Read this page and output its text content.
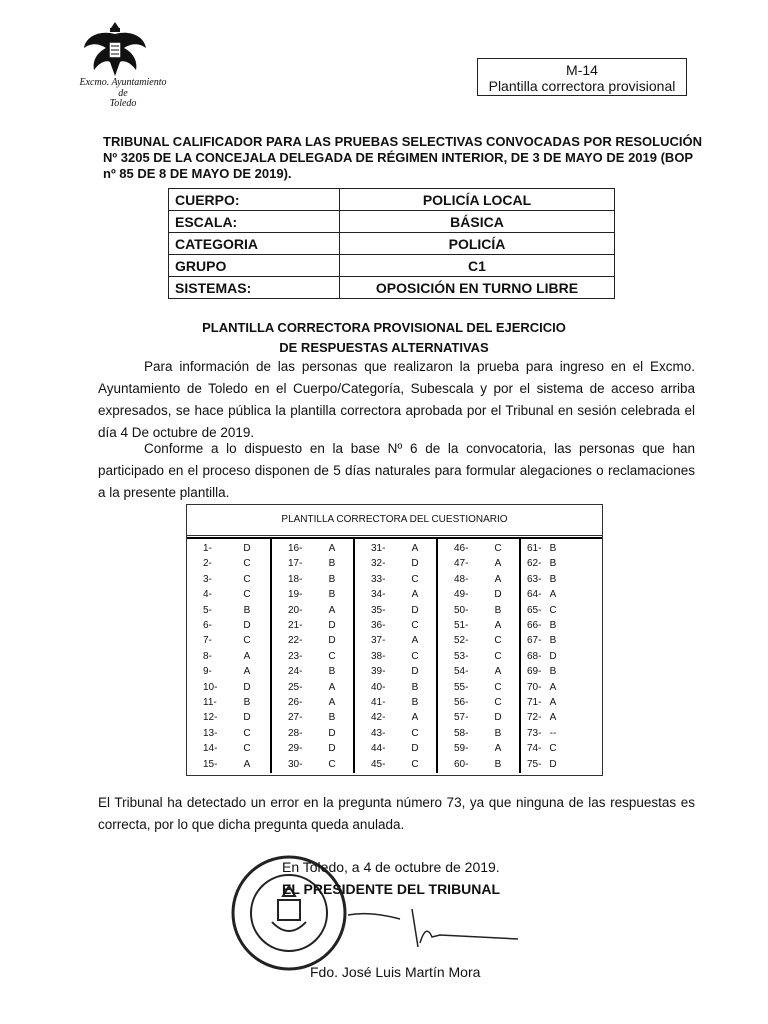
Excmo. Ayuntamiento
de
Toledo
M-14
Plantilla correctora provisional
TRIBUNAL CALIFICADOR PARA LAS PRUEBAS SELECTIVAS CONVOCADAS POR RESOLUCIÓN Nº 3205 DE LA CONCEJALA DELEGADA DE RÉGIMEN INTERIOR, DE 3 DE MAYO DE 2019 (BOP nº 85 DE 8 DE MAYO DE 2019).
CUERPO:	POLICÍA LOCAL
ESCALA:	BÁSICA
CATEGORIA	POLICÍA
GRUPO	C1
SISTEMAS:	OPOSICIÓN EN TURNO LIBRE
PLANTILLA CORRECTORA PROVISIONAL DEL EJERCICIO
DE RESPUESTAS ALTERNATIVAS
Para información de las personas que realizaron la prueba para ingreso en el Excmo. Ayuntamiento de Toledo en el Cuerpo/Categoría, Subescala y por el sistema de acceso arriba expresados, se hace pública la plantilla correctora aprobada por el Tribunal en sesión celebrada el día 4 De octubre de 2019.
Conforme a lo dispuesto en la base Nº 6 de la convocatoria, las personas que han participado en el proceso disponen de 5 días naturales para formular alegaciones o reclamaciones a la presente plantilla.
PLANTILLA CORRECTORA DEL CUESTIONARIO
1-	D
2-	C
3-	C
4-	C
5-	B
6-	D
7-	C
8-	A
9-	A
10-	D
11-	B
12-	D
13-	C
14-	C
15-	A
16-	A
17-	B
18-	B
19-	B
20-	A
21-	D
22-	D
23-	C
24-	B
25-	A
26-	A
27-	B
28-	D
29-	D
30-	C
31-	A
32-	D
33-	C
34-	A
35-	D
36-	C
37-	A
38-	C
39-	D
40-	B
41-	B
42-	A
43-	C
44-	D
45-	C
46-	C
47-	A
48-	A
49-	D
50-	B
51-	A
52-	C
53-	C
54-	A
55-	C
56-	C
57-	D
58-	B
59-	A
60-	B
61- B
62- B
63- B
64- A
65- C
66- B
67- B
68- D
69- B
70- A
71- A
72- A
73- --
74- C
75- D
El Tribunal ha detectado un error en la pregunta número 73, ya que ninguna de las respuestas es correcta, por lo que dicha pregunta queda anulada.
En Toledo, a 4 de octubre de 2019.
EL PRESIDENTE DEL TRIBUNAL
Fdo. José Luis Martín Mora
